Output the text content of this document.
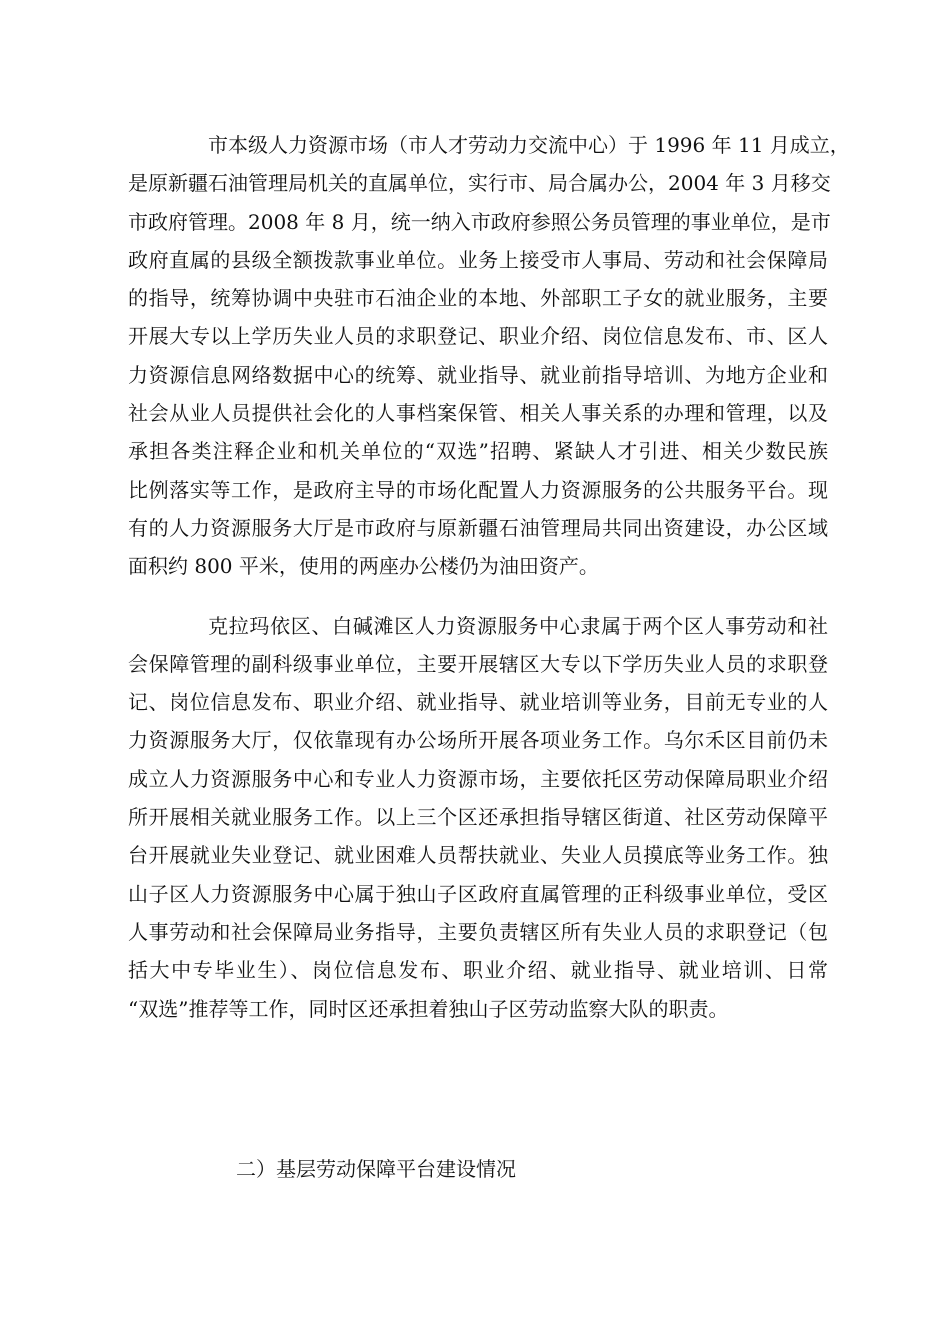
市本级人力资源市场（市人才劳动力交流中心）于 1996 年 11 月成立，
是原新疆石油管理局机关的直属单位，实行市、局合属办公，2004 年 3 月移交
市政府管理。2008 年 8 月，统一纳入市政府参照公务员管理的事业单位，是市
政府直属的县级全额拨款事业单位。业务上接受市人事局、劳动和社会保障局
的指导，统筹协调中央驻市石油企业的本地、外部职工子女的就业服务，主要
开展大专以上学历失业人员的求职登记、职业介绍、岗位信息发布、市、区人
力资源信息网络数据中心的统筹、就业指导、就业前指导培训、为地方企业和
社会从业人员提供社会化的人事档案保管、相关人事关系的办理和管理，以及
承担各类注释企业和机关单位的“双选”招聘、紧缺人才引进、相关少数民族
比例落实等工作，是政府主导的市场化配置人力资源服务的公共服务平台。现
有的人力资源服务大厅是市政府与原新疆石油管理局共同出资建设，办公区域
面积约 800 平米，使用的两座办公楼仍为油田资产。
克拉玛依区、白碱滩区人力资源服务中心隶属于两个区人事劳动和社
会保障管理的副科级事业单位，主要开展辖区大专以下学历失业人员的求职登
记、岗位信息发布、职业介绍、就业指导、就业培训等业务，目前无专业的人
力资源服务大厅，仅依靠现有办公场所开展各项业务工作。乌尔禾区目前仍未
成立人力资源服务中心和专业人力资源市场，主要依托区劳动保障局职业介绍
所开展相关就业服务工作。以上三个区还承担指导辖区街道、社区劳动保障平
台开展就业失业登记、就业困难人员帮扶就业、失业人员摸底等业务工作。独
山子区人力资源服务中心属于独山子区政府直属管理的正科级事业单位，受区
人事劳动和社会保障局业务指导，主要负责辖区所有失业人员的求职登记（包
括大中专毕业生）、岗位信息发布、职业介绍、就业指导、就业培训、日常
“双选”推荐等工作，同时区还承担着独山子区劳动监察大队的职责。
二）基层劳动保障平台建设情况
